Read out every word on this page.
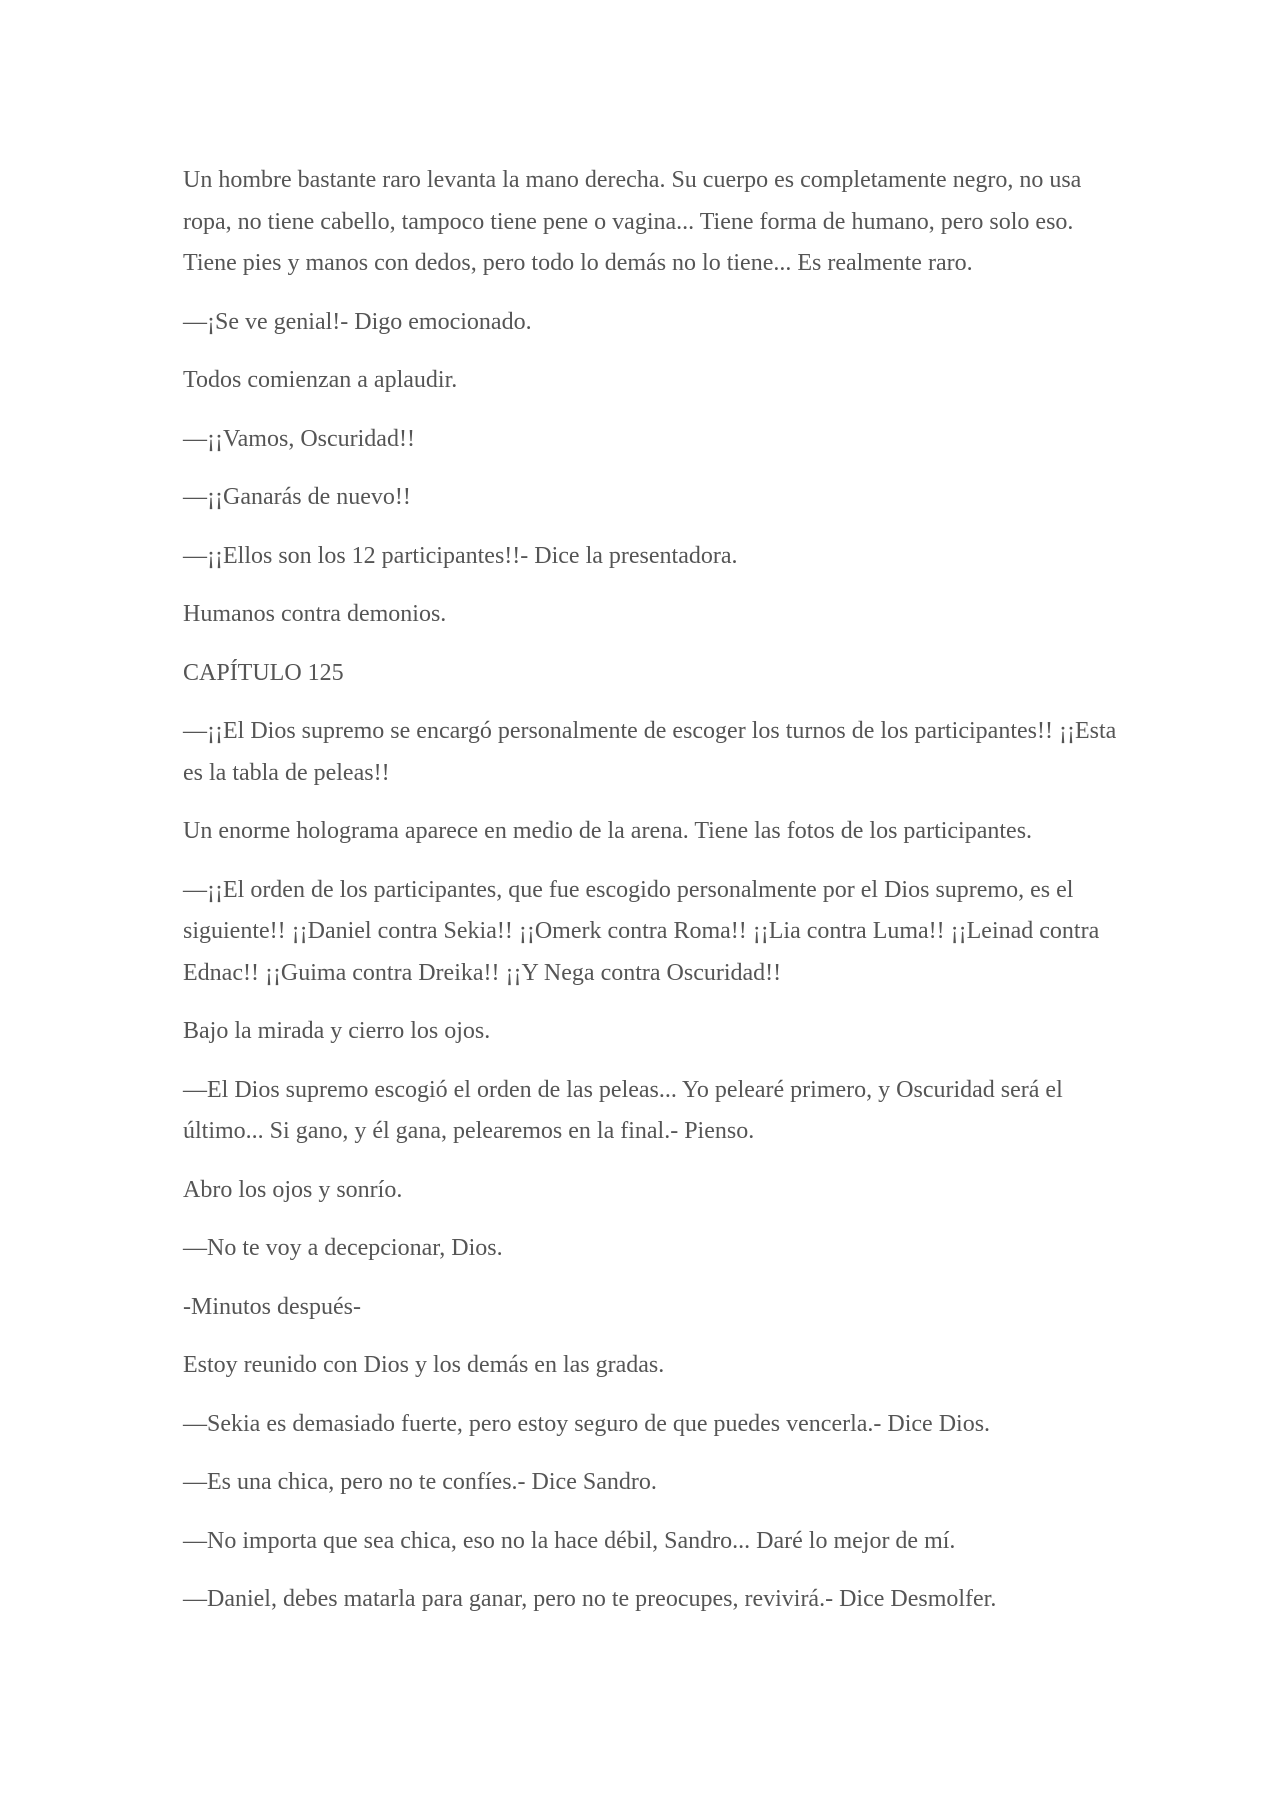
Un hombre bastante raro levanta la mano derecha. Su cuerpo es completamente negro, no usa ropa, no tiene cabello, tampoco tiene pene o vagina... Tiene forma de humano, pero solo eso. Tiene pies y manos con dedos, pero todo lo demás no lo tiene... Es realmente raro.

—¡Se ve genial!- Digo emocionado.

Todos comienzan a aplaudir.

—¡¡Vamos, Oscuridad!!

—¡¡Ganarás de nuevo!!

—¡¡Ellos son los 12 participantes!!- Dice la presentadora.

Humanos contra demonios.

CAPÍTULO 125

—¡¡El Dios supremo se encargó personalmente de escoger los turnos de los participantes!! ¡¡Esta es la tabla de peleas!!

Un enorme holograma aparece en medio de la arena. Tiene las fotos de los participantes.

—¡¡El orden de los participantes, que fue escogido personalmente por el Dios supremo, es el siguiente!! ¡¡Daniel contra Sekia!! ¡¡Omerk contra Roma!! ¡¡Lia contra Luma!! ¡¡Leinad contra Ednac!! ¡¡Guima contra Dreika!! ¡¡Y Nega contra Oscuridad!!

Bajo la mirada y cierro los ojos.

—El Dios supremo escogió el orden de las peleas... Yo pelearé primero, y Oscuridad será el último... Si gano, y él gana, pelearemos en la final.- Pienso.

Abro los ojos y sonrío.

—No te voy a decepcionar, Dios.

-Minutos después-

Estoy reunido con Dios y los demás en las gradas.

—Sekia es demasiado fuerte, pero estoy seguro de que puedes vencerla.- Dice Dios.

—Es una chica, pero no te confíes.- Dice Sandro.

—No importa que sea chica, eso no la hace débil, Sandro... Daré lo mejor de mí.

—Daniel, debes matarla para ganar, pero no te preocupes, revivirá.- Dice Desmolfer.
